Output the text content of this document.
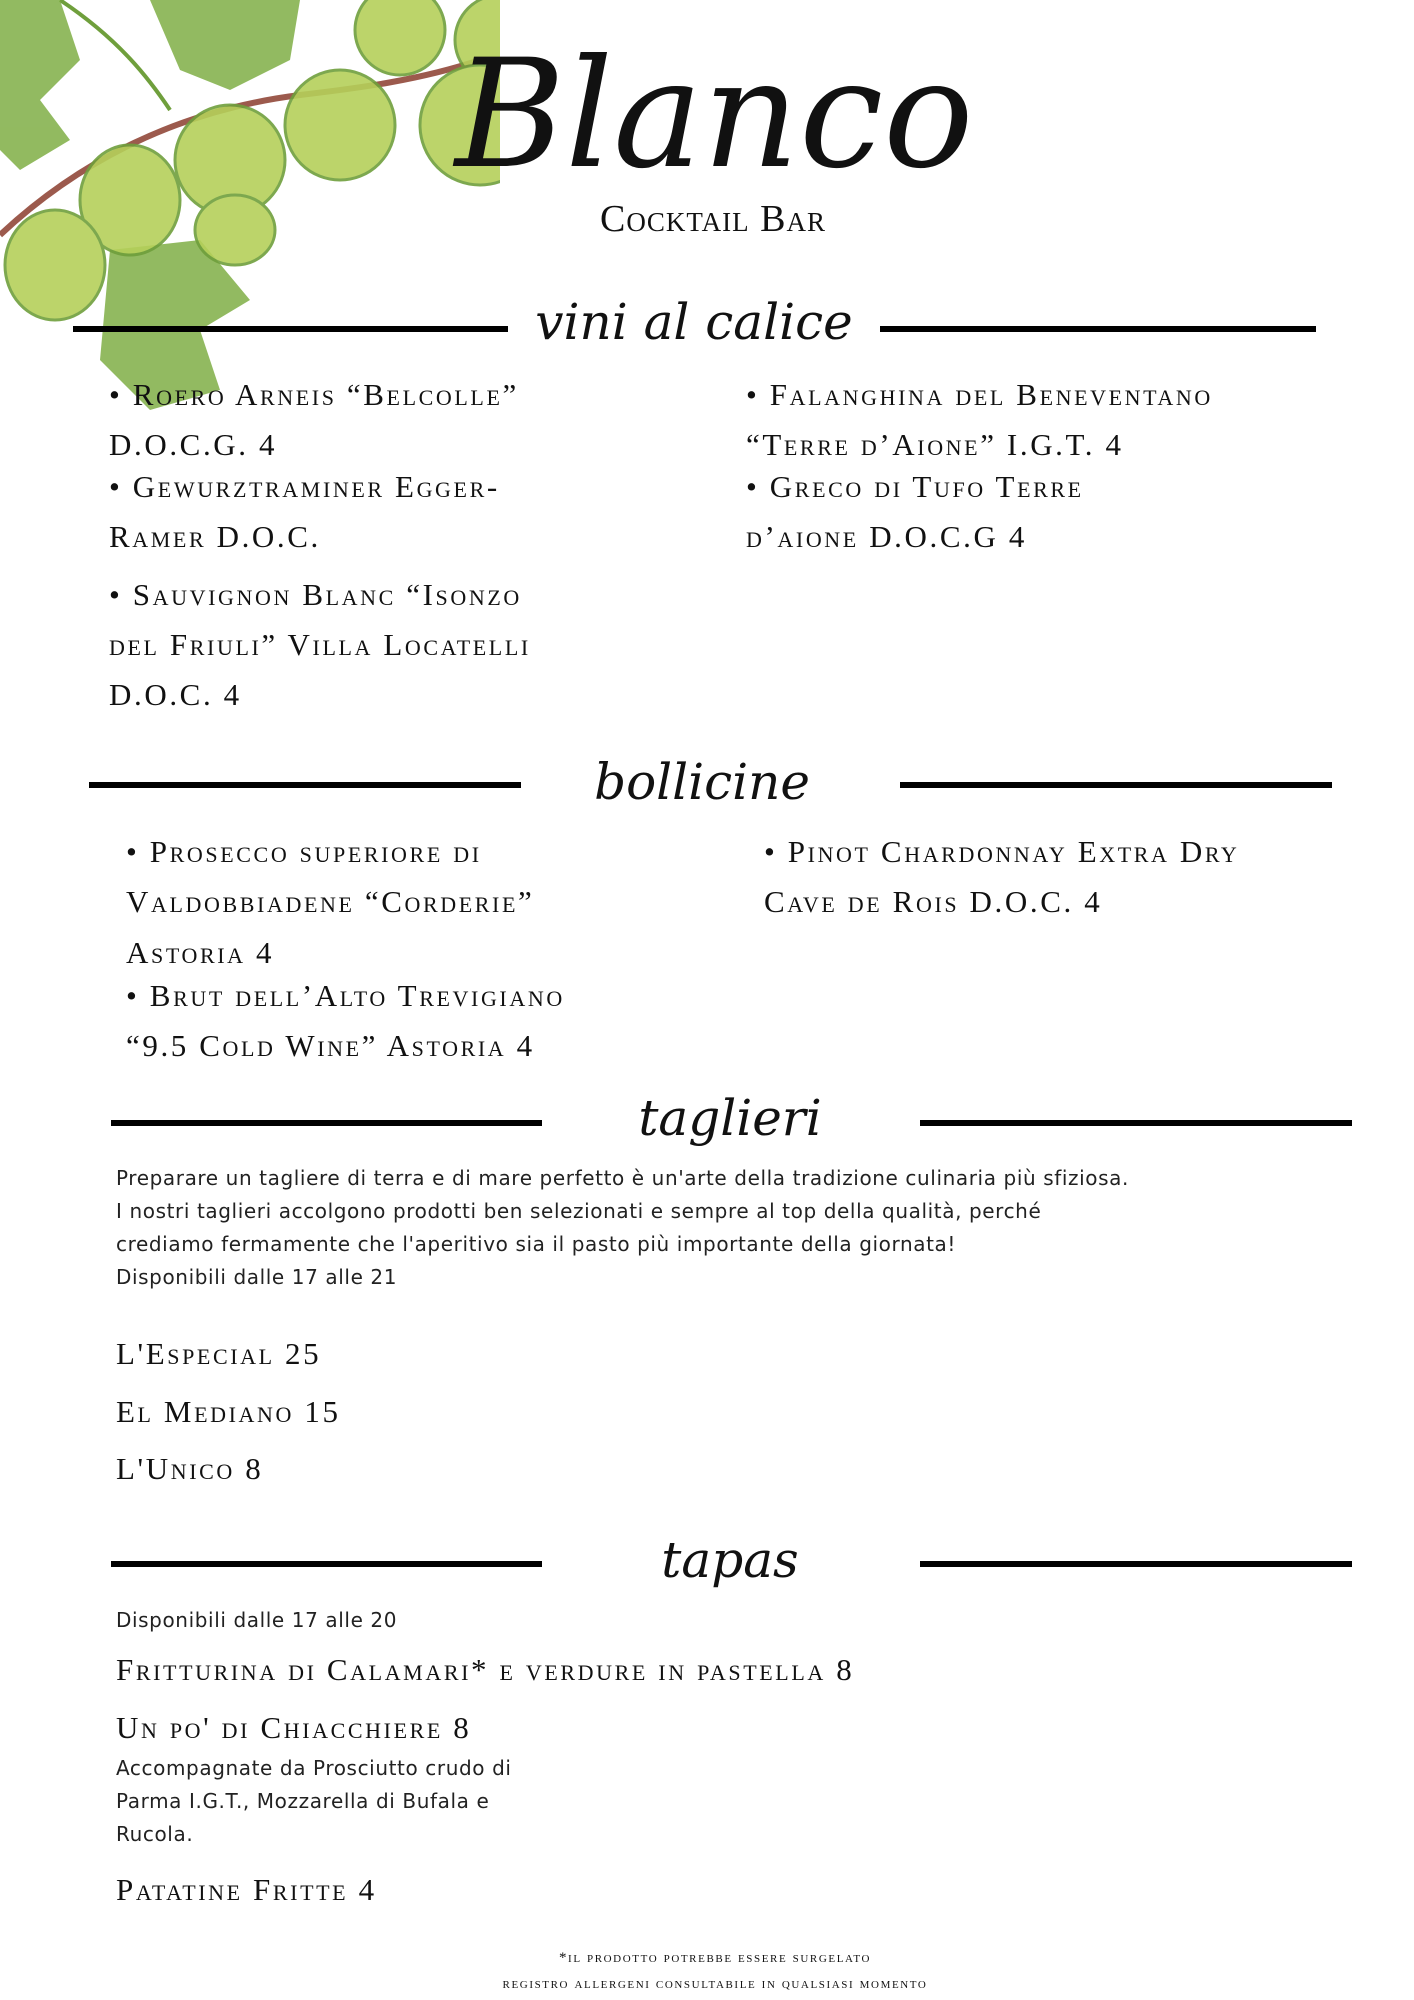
Blanco
Cocktail Bar
vini al calice
• Roero Arneis “Belcolle”
D.O.C.G. 4
• Gewurztraminer Egger-
Ramer D.O.C.
• Sauvignon Blanc “Isonzo
del Friuli” Villa Locatelli
D.O.C. 4
• Falanghina del Beneventano
“Terre d’Aione” I.G.T. 4
• Greco di Tufo Terre
d’aione D.O.C.G 4
bollicine
• Prosecco superiore di
Valdobbiadene “Corderie”
Astoria 4
• Brut dell’Alto Trevigiano
“9.5 Cold Wine” Astoria 4
• Pinot Chardonnay Extra Dry
Cave de Rois D.O.C. 4
taglieri
Preparare un tagliere di terra e di mare perfetto è un'arte della tradizione culinaria più sfiziosa.
I nostri taglieri accolgono prodotti ben selezionati e sempre al top della qualità, perché
crediamo fermamente che l'aperitivo sia il pasto più importante della giornata!
Disponibili dalle 17 alle 21
L'Especial 25
El Mediano 15
L'Unico 8
tapas
Disponibili dalle 17 alle 20
Fritturina di Calamari* e verdure in pastella 8
Un po' di Chiacchiere 8
Accompagnate da Prosciutto crudo di
Parma I.G.T., Mozzarella di Bufala e
Rucola.
Patatine Fritte 4
*il prodotto potrebbe essere surgelato
registro allergeni consultabile in qualsiasi momento
